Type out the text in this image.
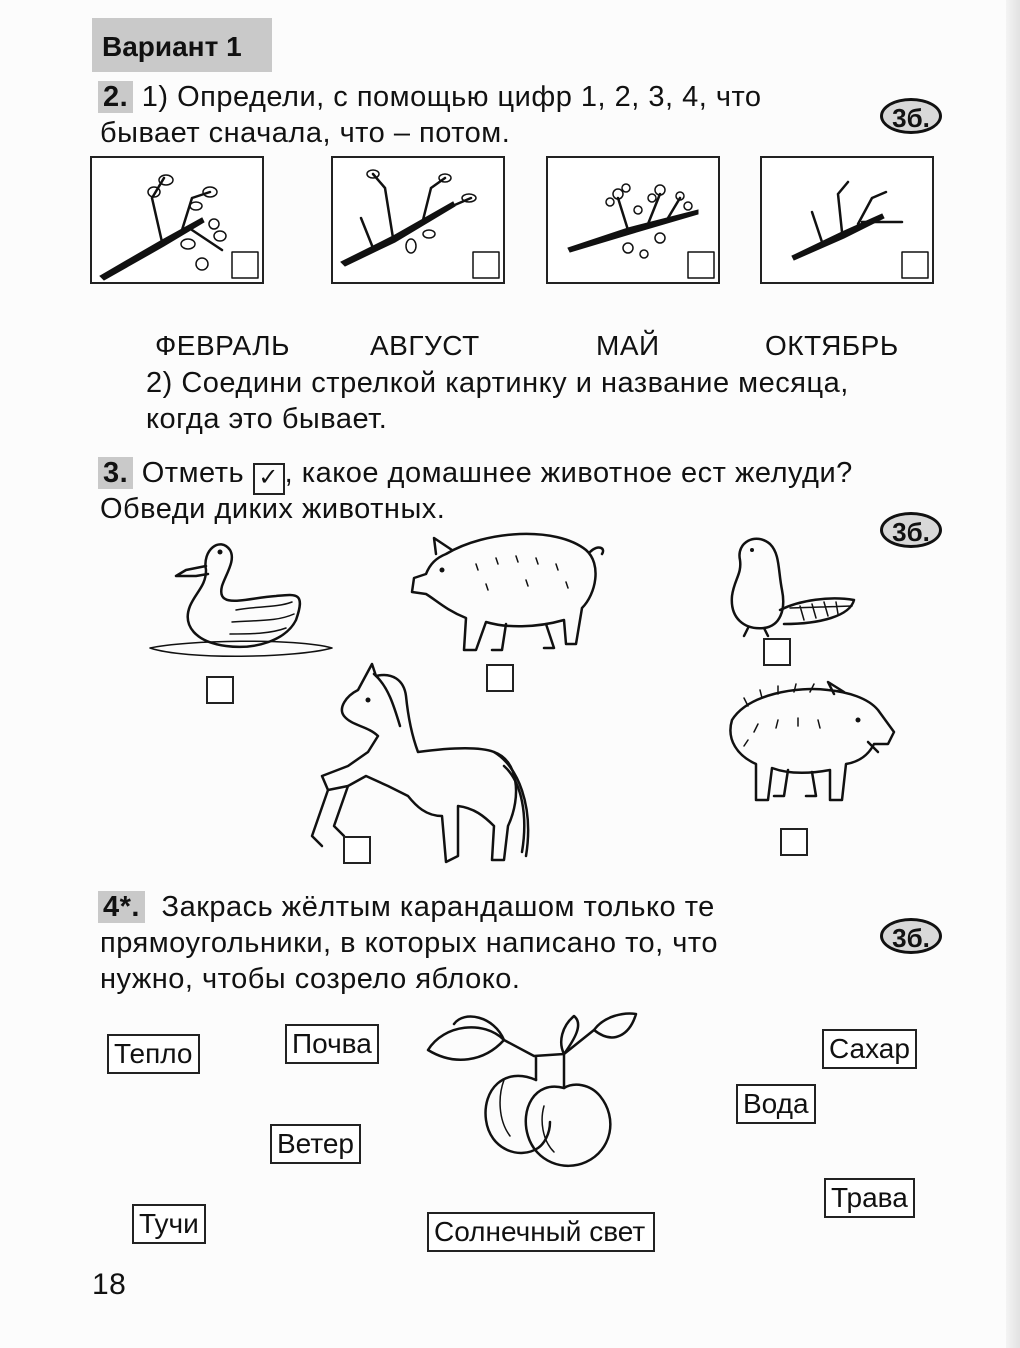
Вариант 1
2. 1) Определи, с помощью цифр 1, 2, 3, 4, что
бывает сначала, что – потом.	3б.
ФЕВРАЛЬ	АВГУСТ	МАЙ	ОКТЯБРЬ
2) Соедини стрелкой картинку и название месяца,
когда это бывает.
3. Отметь ✓ , какое домашнее животное ест желуди?
Обведи диких животных.
3б.
4*. Закрась жёлтым карандашом только те
прямоугольники, в которых написано то, что
нужно, чтобы созрело яблоко.
3б.
Тепло	Почва	Сахар
Вода
Ветер
Трава
Тучи	Солнечный свет
18
